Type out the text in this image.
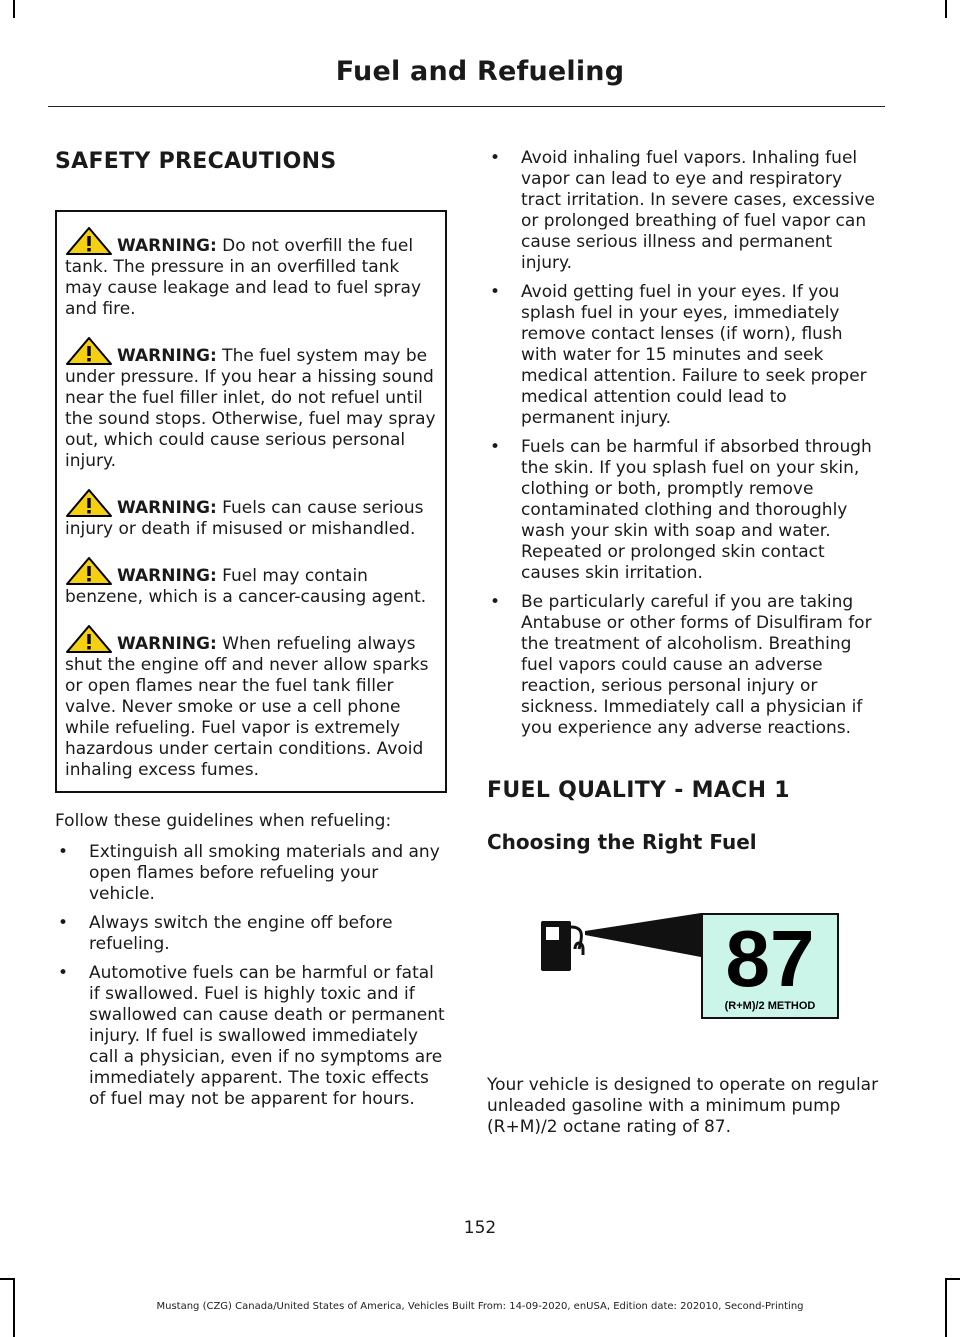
Fuel and Refueling
SAFETY PRECAUTIONS
WARNING: Do not overfill the fuel tank. The pressure in an overfilled tank may cause leakage and lead to fuel spray and fire.
WARNING: The fuel system may be under pressure. If you hear a hissing sound near the fuel filler inlet, do not refuel until the sound stops. Otherwise, fuel may spray out, which could cause serious personal injury.
WARNING: Fuels can cause serious injury or death if misused or mishandled.
WARNING: Fuel may contain benzene, which is a cancer-causing agent.
WARNING: When refueling always shut the engine off and never allow sparks or open flames near the fuel tank filler valve. Never smoke or use a cell phone while refueling. Fuel vapor is extremely hazardous under certain conditions. Avoid inhaling excess fumes.

Follow these guidelines when refueling:

• Extinguish all smoking materials and any open flames before refueling your vehicle.
• Always switch the engine off before refueling.
• Automotive fuels can be harmful or fatal if swallowed. Fuel is highly toxic and if swallowed can cause death or permanent injury. If fuel is swallowed immediately call a physician, even if no symptoms are immediately apparent. The toxic effects of fuel may not be apparent for hours.
• Avoid inhaling fuel vapors. Inhaling fuel vapor can lead to eye and respiratory tract irritation. In severe cases, excessive or prolonged breathing of fuel vapor can cause serious illness and permanent injury.
• Avoid getting fuel in your eyes. If you splash fuel in your eyes, immediately remove contact lenses (if worn), flush with water for 15 minutes and seek medical attention. Failure to seek proper medical attention could lead to permanent injury.
• Fuels can be harmful if absorbed through the skin. If you splash fuel on your skin, clothing or both, promptly remove contaminated clothing and thoroughly wash your skin with soap and water. Repeated or prolonged skin contact causes skin irritation.
• Be particularly careful if you are taking Antabuse or other forms of Disulfiram for the treatment of alcoholism. Breathing fuel vapors could cause an adverse reaction, serious personal injury or sickness. Immediately call a physician if you experience any adverse reactions.
FUEL QUALITY - MACH 1
Choosing the Right Fuel
87
(R+M)/2 METHOD

Your vehicle is designed to operate on regular unleaded gasoline with a minimum pump (R+M)/2 octane rating of 87.

152
Mustang (CZG) Canada/United States of America, Vehicles Built From: 14-09-2020, enUSA, Edition date: 202010, Second-Printing
